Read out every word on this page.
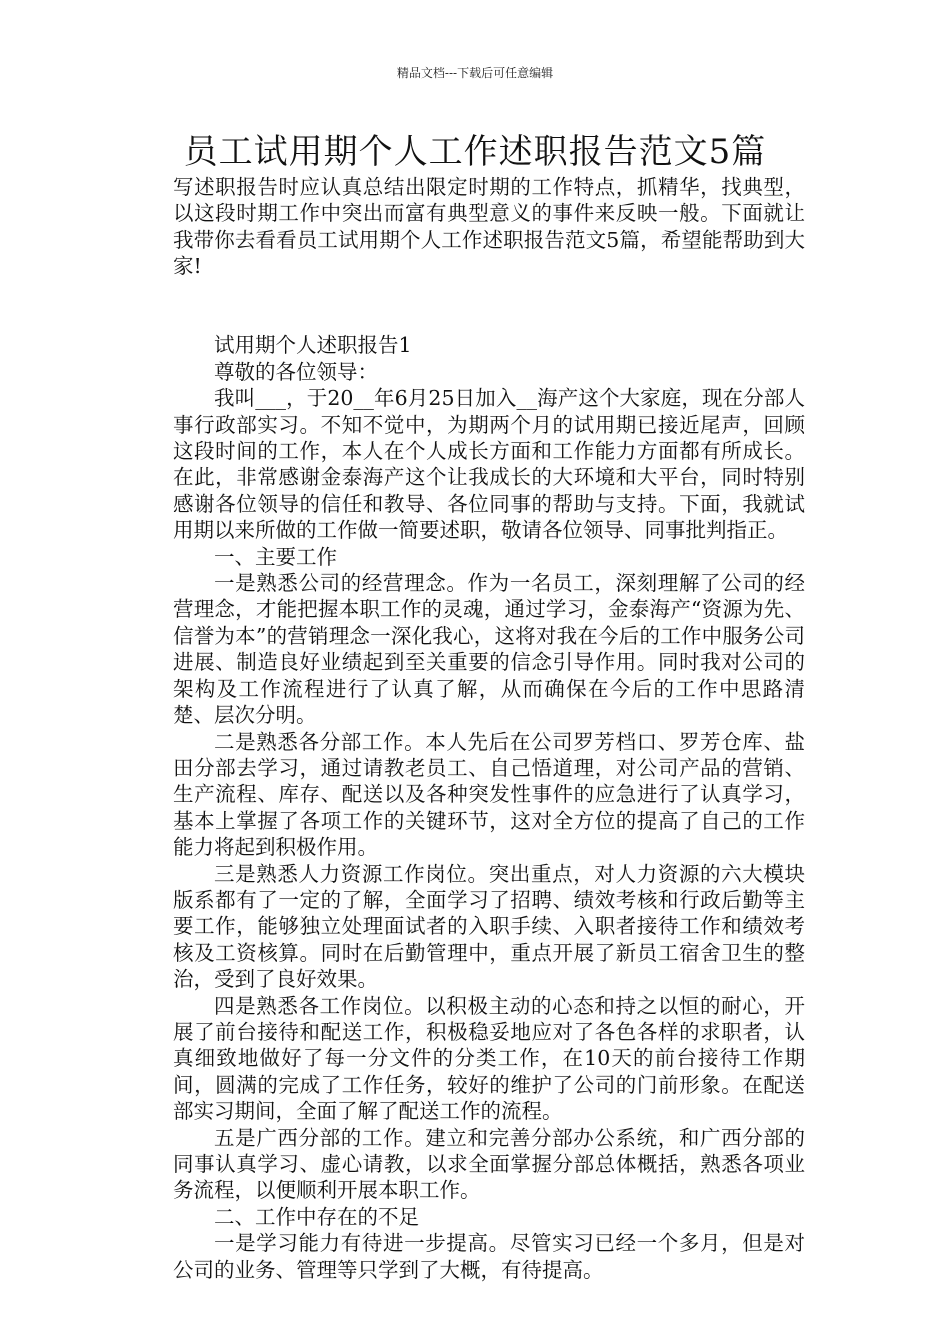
精品文档---下载后可任意编辑

员工试用期个人工作述职报告范文5篇

写述职报告时应认真总结出限定时期的工作特点，抓精华，找典型，以这段时期工作中突出而富有典型意义的事件来反映一般。下面就让我带你去看看员工试用期个人工作述职报告范文5篇，希望能帮助到大家!

试用期个人述职报告1

尊敬的各位领导：

我叫___，于20__年6月25日加入__海产这个大家庭，现在分部人事行政部实习。不知不觉中，为期两个月的试用期已接近尾声，回顾这段时间的工作，本人在个人成长方面和工作能力方面都有所成长。在此，非常感谢金泰海产这个让我成长的大环境和大平台，同时特别感谢各位领导的信任和教导、各位同事的帮助与支持。下面，我就试用期以来所做的工作做一简要述职，敬请各位领导、同事批判指正。

一、主要工作

一是熟悉公司的经营理念。作为一名员工，深刻理解了公司的经营理念，才能把握本职工作的灵魂，通过学习，金泰海产“资源为先、信誉为本”的营销理念一深化我心，这将对我在今后的工作中服务公司进展、制造良好业绩起到至关重要的信念引导作用。同时我对公司的架构及工作流程进行了认真了解，从而确保在今后的工作中思路清楚、层次分明。

二是熟悉各分部工作。本人先后在公司罗芳档口、罗芳仓库、盐田分部去学习，通过请教老员工、自己悟道理，对公司产品的营销、生产流程、库存、配送以及各种突发性事件的应急进行了认真学习，基本上掌握了各项工作的关键环节，这对全方位的提高了自己的工作能力将起到积极作用。

三是熟悉人力资源工作岗位。突出重点，对人力资源的六大模块版系都有了一定的了解，全面学习了招聘、绩效考核和行政后勤等主要工作，能够独立处理面试者的入职手续、入职者接待工作和绩效考核及工资核算。同时在后勤管理中，重点开展了新员工宿舍卫生的整治，受到了良好效果。

四是熟悉各工作岗位。以积极主动的心态和持之以恒的耐心，开展了前台接待和配送工作，积极稳妥地应对了各色各样的求职者，认真细致地做好了每一分文件的分类工作，在10天的前台接待工作期间，圆满的完成了工作任务，较好的维护了公司的门前形象。在配送部实习期间，全面了解了配送工作的流程。

五是广西分部的工作。建立和完善分部办公系统，和广西分部的同事认真学习、虚心请教，以求全面掌握分部总体概括，熟悉各项业务流程，以便顺利开展本职工作。

二、工作中存在的不足

一是学习能力有待进一步提高。尽管实习已经一个多月，但是对公司的业务、管理等只学到了大概，有待提高。
